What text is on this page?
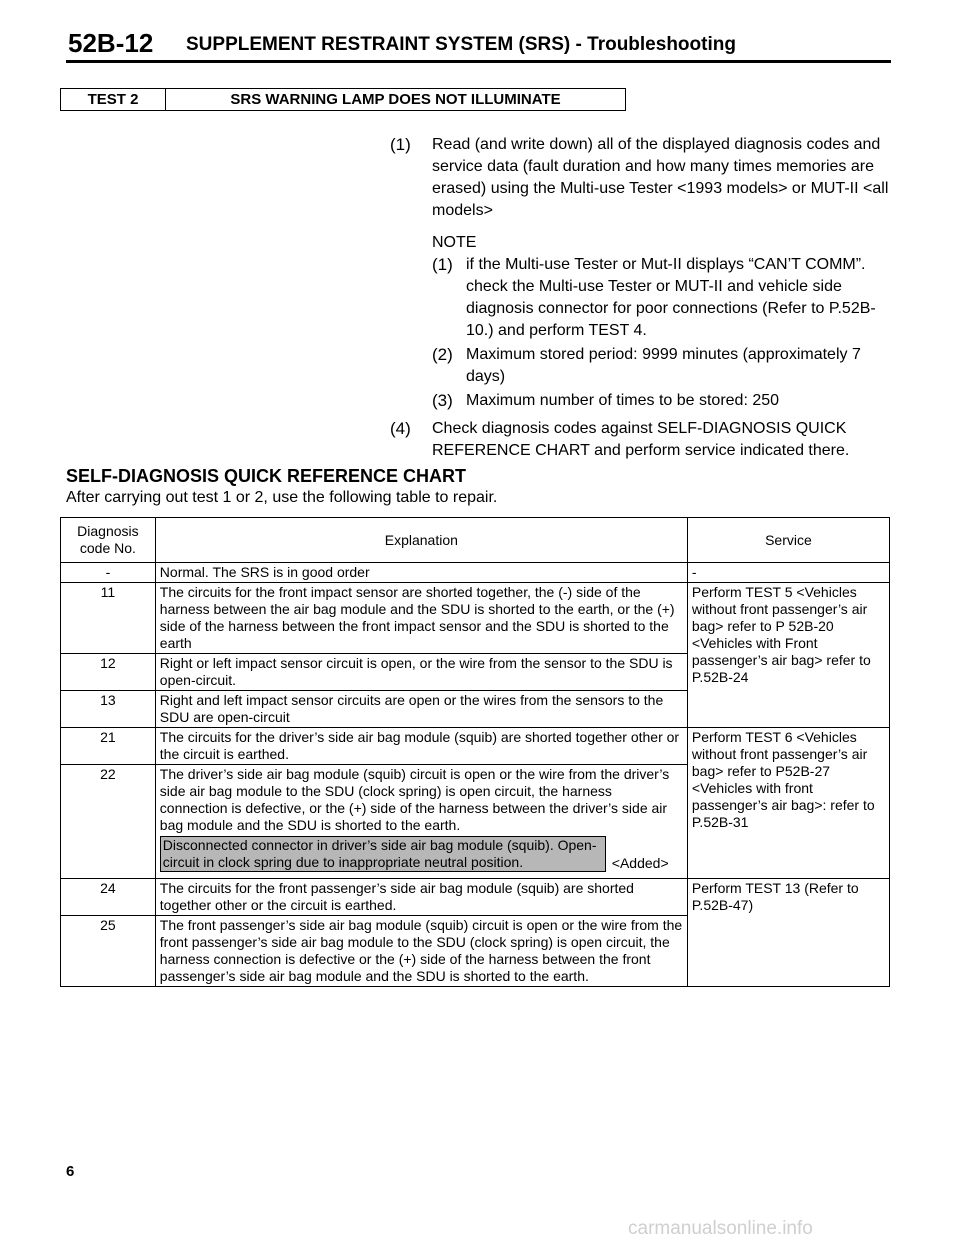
52B-12 SUPPLEMENT RESTRAINT SYSTEM (SRS) - Troubleshooting
TEST 2	SRS WARNING LAMP DOES NOT ILLUMINATE
(1)	Read (and write down) all of the displayed diagnosis codes and service data (fault duration and how many times memories are erased) using the Multi-use Tester <1993 models> or MUT-II <all models>
NOTE
(1) if the Multi-use Tester or Mut-II displays “CAN’T COMM”. check the Multi-use Tester or MUT-II and vehicle side diagnosis connector for poor connections (Refer to P.52B-10.) and perform TEST 4.
(2) Maximum stored period: 9999 minutes (approximately 7 days)
(3) Maximum number of times to be stored: 250
(4)	Check diagnosis codes against SELF-DIAGNOSIS QUICK REFERENCE CHART and perform service indicated there.
SELF-DIAGNOSIS QUICK REFERENCE CHART
After carrying out test 1 or 2, use the following table to repair.
Diagnosis code No.	Explanation	Service
-	Normal. The SRS is in good order	-
11	The circuits for the front impact sensor are shorted together, the (-) side of the harness between the air bag module and the SDU is shorted to the earth, or the (+) side of the harness between the front impact sensor and the SDU is shorted to the earth	Perform TEST 5 <Vehicles without front passenger’s air bag> refer to P 52B-20 <Vehicles with Front passenger’s air bag> refer to P.52B-24
12	Right or left impact sensor circuit is open, or the wire from the sensor to the SDU is open-circuit.	
13	Right and left impact sensor circuits are open or the wires from the sensors to the SDU are open-circuit	
21	The circuits for the driver’s side air bag module (squib) are shorted together other or the circuit is earthed.	Perform TEST 6 <Vehicles without front passenger’s air bag> refer to P52B-27 <Vehicles with front passenger’s air bag>: refer to P.52B-31
22	The driver’s side air bag module (squib) circuit is open or the wire from the driver’s side air bag module to the SDU (clock spring) is open circuit, the harness connection is defective, or the (+) side of the harness between the driver’s side air bag module and the SDU is shorted to the earth.
Disconnected connector in driver’s side air bag module (squib). Open-circuit in clock spring due to inappropriate neutral position. <Added>	

24	The circuits for the front passenger’s side air bag module (squib) are shorted together other or the circuit is earthed.	Perform TEST 13 (Refer to P.52B-47)
25	The front passenger’s side air bag module (squib) circuit is open or the wire from the front passenger’s side air bag module to the SDU (clock spring) is open circuit, the harness connection is defective or the (+) side of the harness between the front passenger’s side air bag module and the SDU is shorted to the earth.	
6
carmanualsonline.info
